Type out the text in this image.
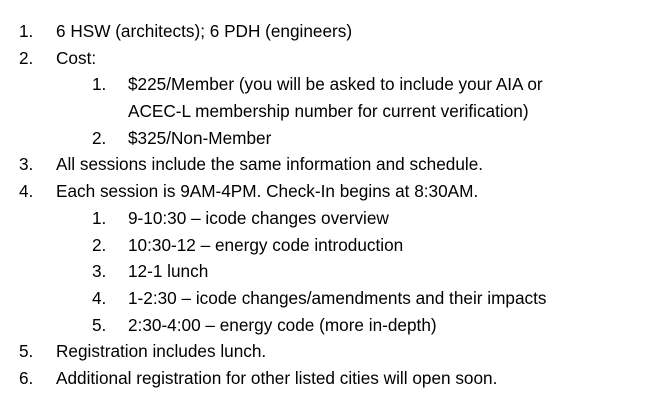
1. 6 HSW (architects); 6 PDH (engineers)
2. Cost:
1. $225/Member (you will be asked to include your AIA or
ACEC-L membership number for current verification)
2. $325/Non-Member
3. All sessions include the same information and schedule.
4. Each session is 9AM-4PM. Check-In begins at 8:30AM.
1. 9-10:30 – icode changes overview
2. 10:30-12 – energy code introduction
3. 12-1 lunch
4. 1-2:30 – icode changes/amendments and their impacts
5. 2:30-4:00 – energy code (more in-depth)
5. Registration includes lunch.
6. Additional registration for other listed cities will open soon.
